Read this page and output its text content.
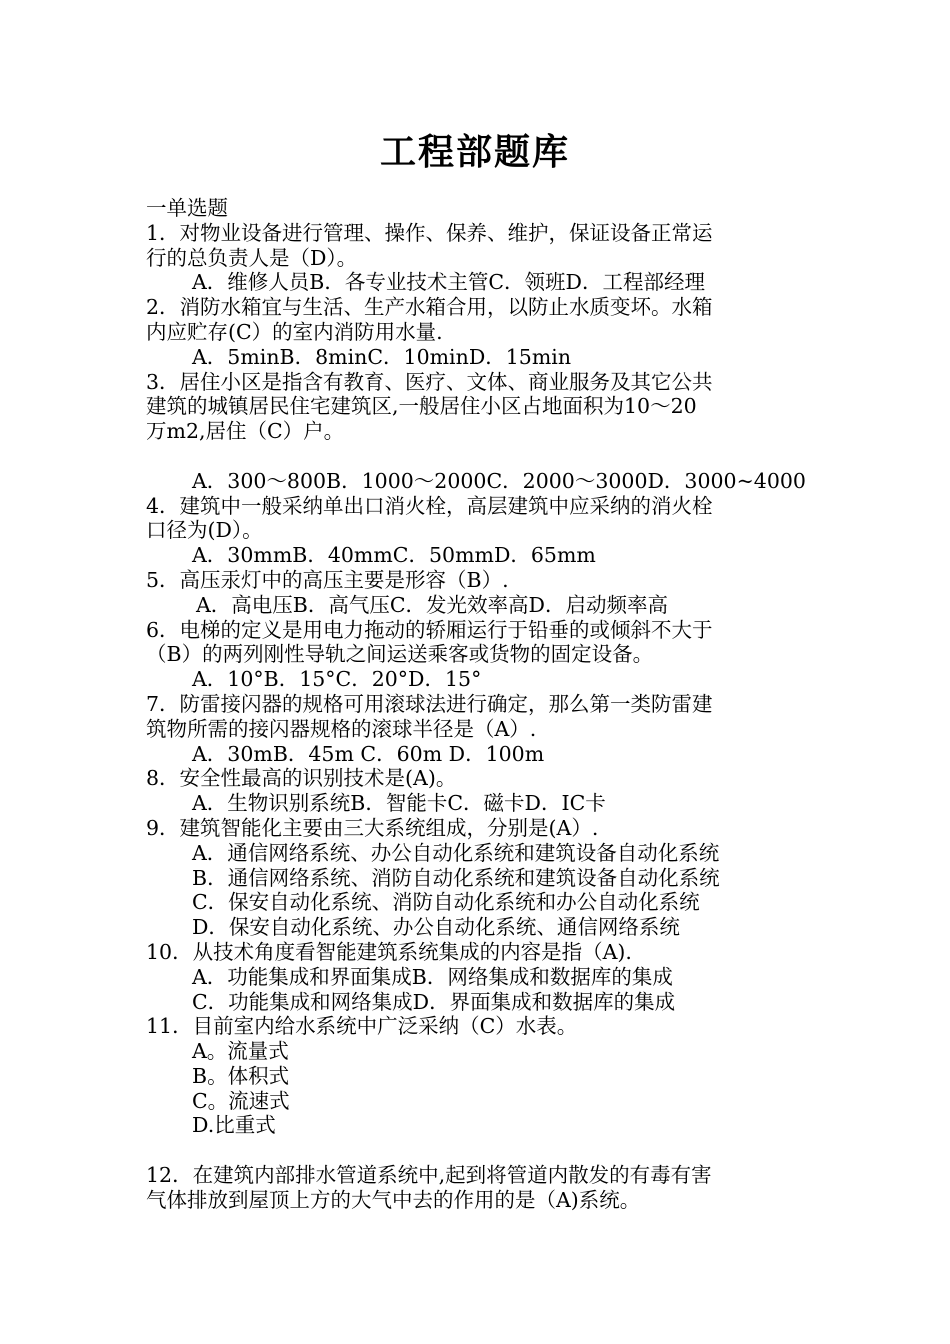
工程部题库
一单选题
1．对物业设备进行管理、操作、保养、维护，保证设备正常运
行的总负责人是（D）。
A．维修人员B．各专业技术主管C．领班D．工程部经理
2．消防水箱宜与生活、生产水箱合用，以防止水质变坏。水箱
内应贮存(C）的室内消防用水量.
A．5minB．8minC．10minD．15min
3．居住小区是指含有教育、医疗、文体、商业服务及其它公共
建筑的城镇居民住宅建筑区,一般居住小区占地面积为10～20
万m2,居住（C）户。
A．300～800B．1000～2000C．2000～3000D．3000~4000
4．建筑中一般采纳单出口消火栓，高层建筑中应采纳的消火栓
口径为(D）。
A．30mmB．40mmC．50mmD．65mm
5．高压汞灯中的高压主要是形容（B）.
A．高电压B．高气压C．发光效率高D．启动频率高
6．电梯的定义是用电力拖动的轿厢运行于铅垂的或倾斜不大于
（B）的两列刚性导轨之间运送乘客或货物的固定设备。
A．10°B．15°C．20°D．15°
7．防雷接闪器的规格可用滚球法进行确定，那么第一类防雷建
筑物所需的接闪器规格的滚球半径是（A）.
A．30mB．45m C．60m D．100m
8．安全性最高的识别技术是(A)。
A．生物识别系统B．智能卡C．磁卡D．IC卡
9．建筑智能化主要由三大系统组成，分别是(A）.
A．通信网络系统、办公自动化系统和建筑设备自动化系统
B．通信网络系统、消防自动化系统和建筑设备自动化系统
C．保安自动化系统、消防自动化系统和办公自动化系统
D．保安自动化系统、办公自动化系统、通信网络系统
10．从技术角度看智能建筑系统集成的内容是指（A).
A．功能集成和界面集成B．网络集成和数据库的集成
C．功能集成和网络集成D．界面集成和数据库的集成
11．目前室内给水系统中广泛采纳（C）水表。
A。流量式
B。体积式
C。流速式
D.比重式
12．在建筑内部排水管道系统中,起到将管道内散发的有毒有害
气体排放到屋顶上方的大气中去的作用的是（A)系统。
